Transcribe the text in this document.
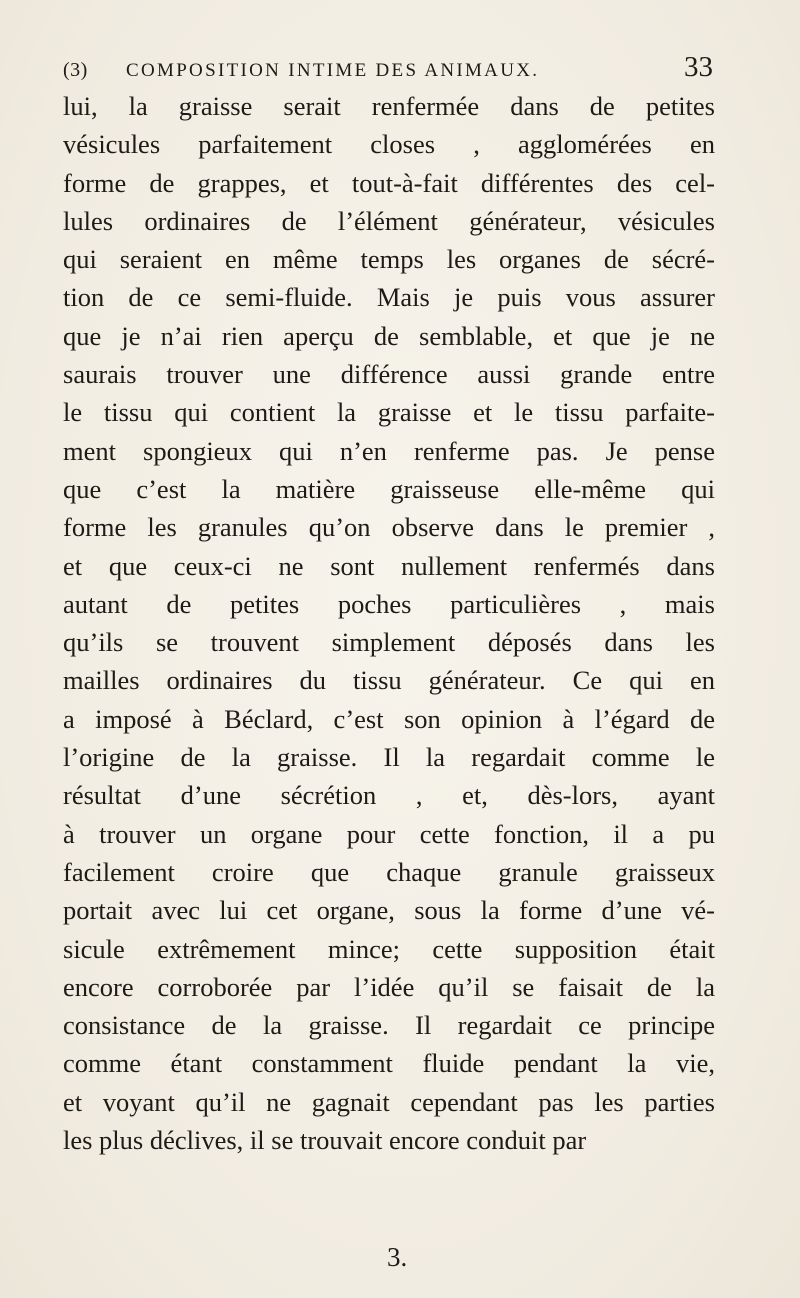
(3) COMPOSITION INTIME DES ANIMAUX.	33
lui, la graisse serait renfermée dans de petites
vésicules parfaitement closes , agglomérées en
forme de grappes, et tout-à-fait différentes des cel-
lules ordinaires de l’élément générateur, vésicules
qui seraient en même temps les organes de sécré-
tion de ce semi-fluide. Mais je puis vous assurer
que je n’ai rien aperçu de semblable, et que je ne
saurais trouver une différence aussi grande entre
le tissu qui contient la graisse et le tissu parfaite-
ment spongieux qui n’en renferme pas. Je pense
que c’est la matière graisseuse elle-même qui
forme les granules qu’on observe dans le premier ,
et que ceux-ci ne sont nullement renfermés dans
autant de petites poches particulières , mais
qu’ils se trouvent simplement déposés dans les
mailles ordinaires du tissu générateur. Ce qui en
a imposé à Béclard, c’est son opinion à l’égard de
l’origine de la graisse. Il la regardait comme le
résultat d’une sécrétion , et, dès-lors, ayant
à trouver un organe pour cette fonction, il a pu
facilement croire que chaque granule graisseux
portait avec lui cet organe, sous la forme d’une vé-
sicule extrêmement mince; cette supposition était
encore corroborée par l’idée qu’il se faisait de la
consistance de la graisse. Il regardait ce principe
comme étant constamment fluide pendant la vie,
et voyant qu’il ne gagnait cependant pas les parties
les plus déclives, il se trouvait encore conduit par
3.
